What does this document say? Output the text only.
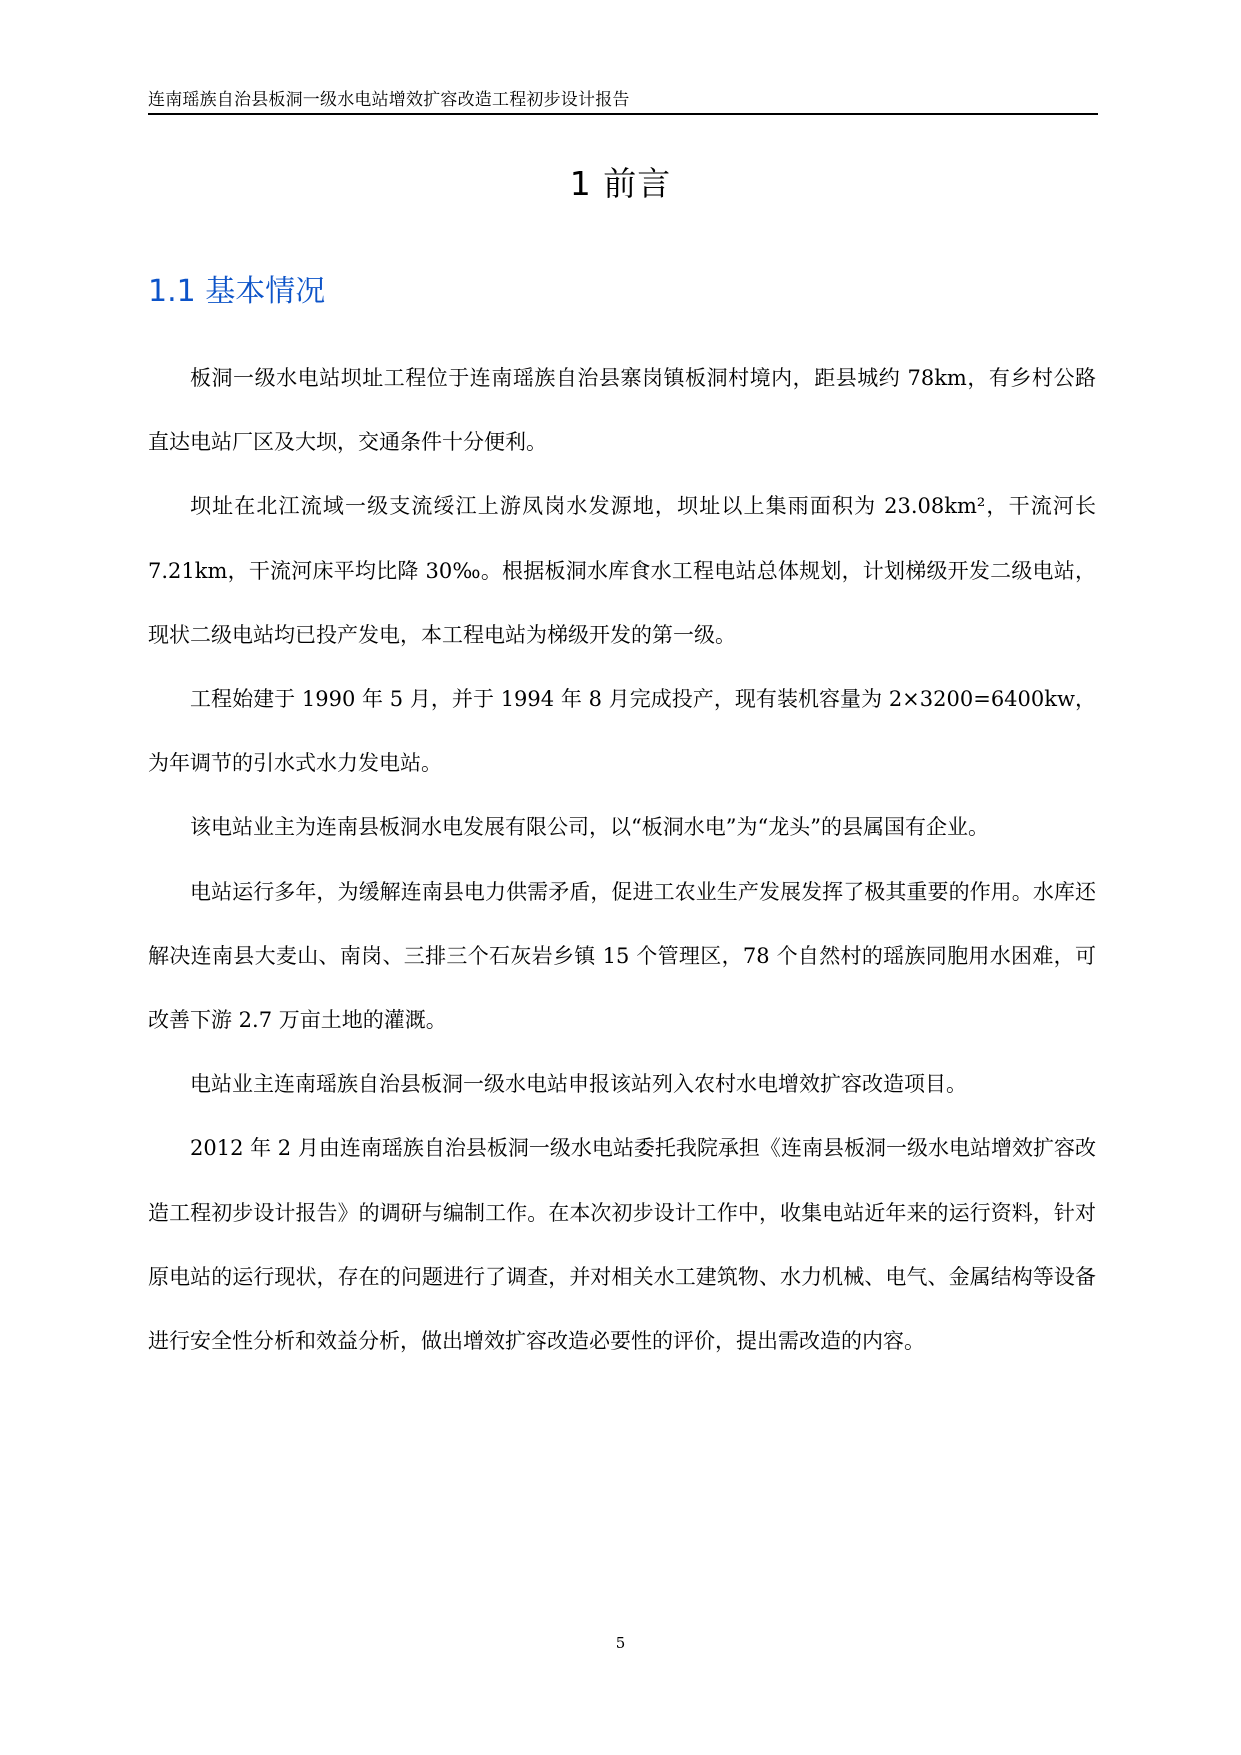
连南瑶族自治县板洞一级水电站增效扩容改造工程初步设计报告
1 前言
1.1 基本情况

板洞一级水电站坝址工程位于连南瑶族自治县寨岗镇板洞村境内，距县城约 78km，有乡村公路直达电站厂区及大坝，交通条件十分便利。

坝址在北江流域一级支流绥江上游凤岗水发源地，坝址以上集雨面积为 23.08km²，干流河长 7.21km，干流河床平均比降 30‰。根据板洞水库食水工程电站总体规划，计划梯级开发二级电站，现状二级电站均已投产发电，本工程电站为梯级开发的第一级。

工程始建于 1990 年 5 月，并于 1994 年 8 月完成投产，现有装机容量为 2×3200=6400kw，为年调节的引水式水力发电站。

该电站业主为连南县板洞水电发展有限公司，以“板洞水电”为“龙头”的县属国有企业。

电站运行多年，为缓解连南县电力供需矛盾，促进工农业生产发展发挥了极其重要的作用。水库还解决连南县大麦山、南岗、三排三个石灰岩乡镇 15 个管理区，78 个自然村的瑶族同胞用水困难，可改善下游 2.7 万亩土地的灌溉。

电站业主连南瑶族自治县板洞一级水电站申报该站列入农村水电增效扩容改造项目。

2012 年 2 月由连南瑶族自治县板洞一级水电站委托我院承担《连南县板洞一级水电站增效扩容改造工程初步设计报告》的调研与编制工作。在本次初步设计工作中，收集电站近年来的运行资料，针对原电站的运行现状，存在的问题进行了调查，并对相关水工建筑物、水力机械、电气、金属结构等设备进行安全性分析和效益分析，做出增效扩容改造必要性的评价，提出需改造的内容。

5
